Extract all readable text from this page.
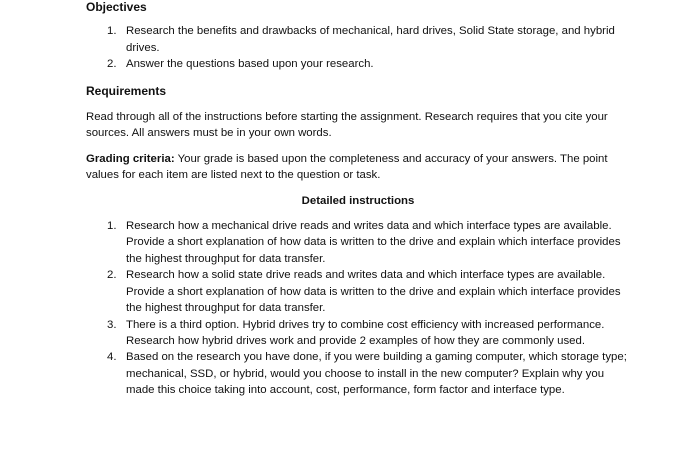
Objectives
1. Research the benefits and drawbacks of mechanical, hard drives, Solid State storage, and hybrid drives.
2. Answer the questions based upon your research.
Requirements

Read through all of the instructions before starting the assignment. Research requires that you cite your sources. All answers must be in your own words.

Grading criteria: Your grade is based upon the completeness and accuracy of your answers. The point values for each item are listed next to the question or task.

Detailed instructions
1. Research how a mechanical drive reads and writes data and which interface types are available. Provide a short explanation of how data is written to the drive and explain which interface provides the highest throughput for data transfer.
2. Research how a solid state drive reads and writes data and which interface types are available. Provide a short explanation of how data is written to the drive and explain which interface provides the highest throughput for data transfer.
3. There is a third option. Hybrid drives try to combine cost efficiency with increased performance. Research how hybrid drives work and provide 2 examples of how they are commonly used.
4. Based on the research you have done, if you were building a gaming computer, which storage type; mechanical, SSD, or hybrid, would you choose to install in the new computer? Explain why you made this choice taking into account, cost, performance, form factor and interface type.
